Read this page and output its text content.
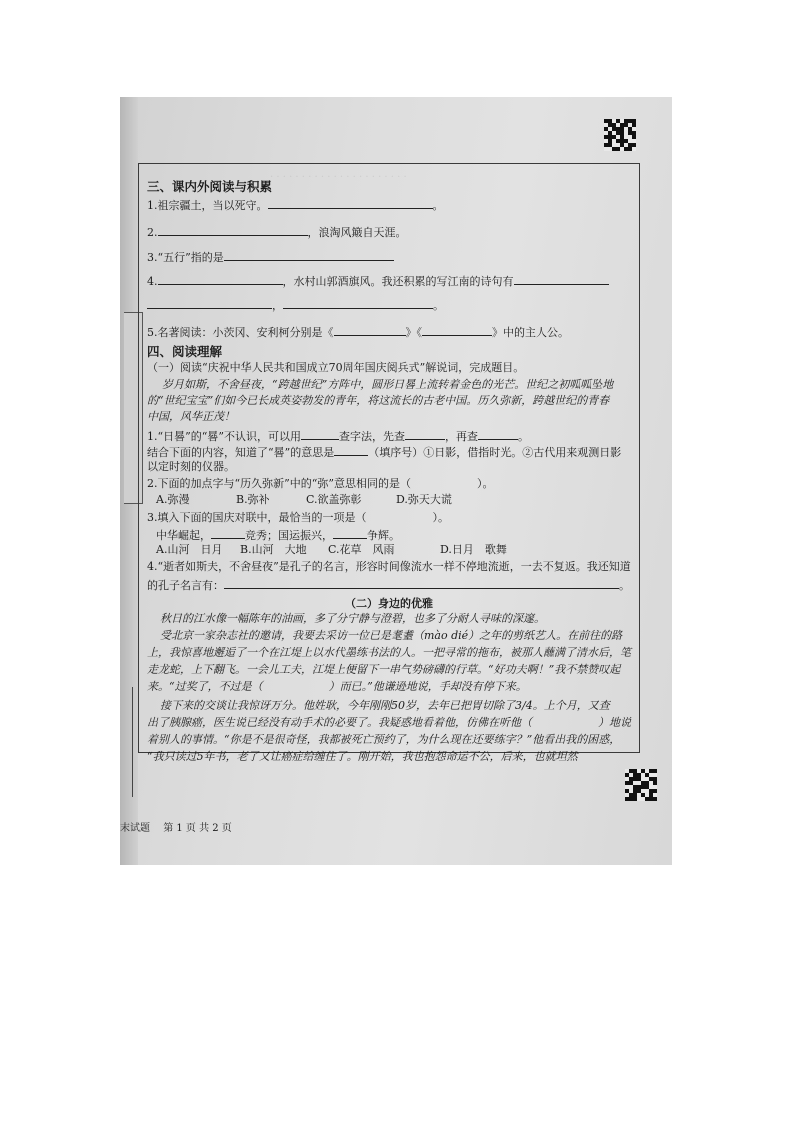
. . . . . . . . . . . . . . . . . . . . . .
三、课内外阅读与积累
1.祖宗疆土，当以死守。	。
2.	，浪淘风簸自天涯。
3.“五行”指的是
4.	，水村山郭酒旗风。我还积累的写江南的诗句有
，	。
5.名著阅读：小茨冈、安利柯分别是《	》《	》中的主人公。
四、阅读理解
（一）阅读“庆祝中华人民共和国成立70周年国庆阅兵式”解说词，完成题目。
岁月如斯，不舍昼夜，“跨越世纪”方阵中，圆形日晷上流转着金色的光芒。世纪之初呱呱坠地
的“世纪宝宝”们如今已长成英姿勃发的青年，将这流长的古老中国。历久弥新，跨越世纪的青春
中国，风华正茂！
1.“日晷”的“晷”不认识，可以用	查字法，先查	，再查	。
结合下面的内容，知道了“晷”的意思是	（填序号）①日影，借指时光。②古代用来观测日影
以定时刻的仪器。
2.下面的加点字与“历久弥新”中的“弥”意思相同的是（　　　　　　）。
A.弥漫	B.弥补	C.欲盖弥彰	D.弥天大谎
3.填入下面的国庆对联中，最恰当的一项是（　　　　　　）。
中华崛起，	竞秀；国运振兴，	争辉。
A.山河　日月 B.山河　大地 C.花草　风雨	D.日月　歌舞
4.“逝者如斯夫，不舍昼夜”是孔子的名言，形容时间像流水一样不停地流逝，一去不复返。我还知道
的孔子名言有：	。
（二）身边的优雅
秋日的江水像一幅陈年的油画，多了分宁静与澄碧，也多了分耐人寻味的深邃。
受北京一家杂志社的邀请，我要去采访一位已是耄耋（mào dié）之年的剪纸艺人。在前往的路
上，我惊喜地邂逅了一个在江堤上以水代墨练书法的人。一把寻常的拖布，被那人蘸满了清水后，笔
走龙蛇，上下翻飞。一会儿工夫，江堤上便留下一串气势磅礴的行草。“好功夫啊！”我不禁赞叹起
来。“过奖了，不过是（　　　　　　）而已。”他谦逊地说，手却没有停下来。
接下来的交谈让我惊讶万分。他姓耿，今年刚刚50岁，去年已把胃切除了3/4。上个月，又查
出了胰腺癌，医生说已经没有动手术的必要了。我疑惑地看着他，仿佛在听他（　　　　　　）地说
着别人的事情。“你是不是很奇怪，我都被死亡预约了，为什么现在还要练字？”他看出我的困惑，
“我只读过5年书，老了又让癌症给缠住了。刚开始，我也抱怨命运不公，后来，也就坦然
末试题 第 1 页 共 2 页
